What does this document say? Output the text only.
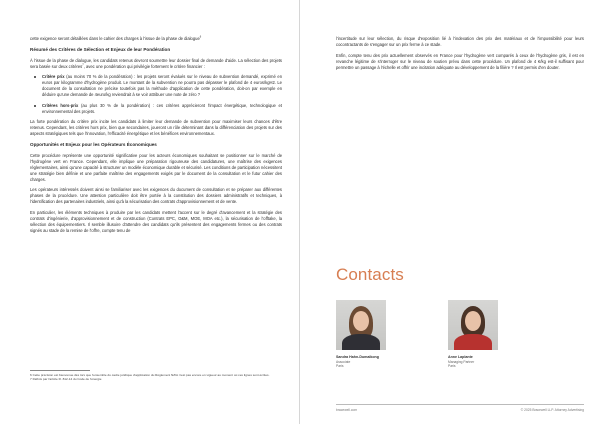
cette exigence seront détaillées dans le cahier des charges à l'issue de la phase de dialogue$^6$

Résumé des Critères de Sélection et Enjeux de leur Pondération

À l'issue de la phase de dialogue, les candidats retenus devront soumettre leur dossier final de demande d'aide. La sélection des projets sera basée sur deux critères$^7$, avec une pondération qui privilégie fortement le critère financier :

Critère prix (au moins 70 % de la pondération) : les projets seront évalués sur le niveau de subvention demandé, exprimé en euros par kilogramme d'hydrogène produit. Le montant de la subvention ne pourra pas dépasser le plafond de 4 euros/kgH2. Le document de la consultation ne précise toutefois pas la méthode d'application de cette pondération, doit-on par exemple en déduire qu'une demande de 4euro/kg reviendrait à se voir attribuer une note de zéro ?
Critères hors-prix (au plus 30 % de la pondération) : ces critères apprécieront l'impact énergétique, technologique et environnemental des projets.

La forte pondération du critère prix incite les candidats à limiter leur demande de subvention pour maximiser leurs chances d'être retenus. Cependant, les critères hors prix, bien que secondaires, joueront un rôle déterminant dans la différenciation des projets sur des aspects stratégiques tels que l'innovation, l'efficacité énergétique et les bénéfices environnementaux.

Opportunités et Enjeux pour les Opérateurs Économiques

Cette procédure représente une opportunité significative pour les acteurs économiques souhaitant se positionner sur le marché de l'hydrogène vert en France. Cependant, elle implique une préparation rigoureuse des candidatures, une maîtrise des exigences réglementaires, ainsi qu'une capacité à structurer un modèle économique durable et sécurisé. Les conditions de participation nécessitent une stratégie bien définie et une parfaite maîtrise des engagements exigés par le document de la consultation et le futur cahier des charges.

Les opérateurs intéressés doivent ainsi se familiariser avec les exigences du document de consultation et se préparer aux différentes phases de la procédure. Une attention particulière doit être portée à la constitution des dossiers administratifs et techniques, à l'identification des partenaires industriels, ainsi qu'à la sécurisation des contrats d'approvisionnement et de vente.

En particulier, les éléments techniques à produire par les candidats mettent l'accent sur le degré d'avancement et la stratégie des contrats d'ingénierie, d'approvisionnement et de construction (Contrats EPC, O&M, MOE, MOA etc.), la sécurisation de l'offtake, la sélection des équipementiers. Il semble illusoire d'attendre des candidats qu'ils présentent des engagements fermes ou des contrats signés au stade de la remise de l'offre, compte tenu de

6 Cette précision est bienvenue dès lors que l'ensemble du cadre juridique d'application du Règlement NZIA n'est pas encore en vigueur au moment où ces lignes sont écrites.
7 Définis par l'article R. 812-14 du Code de l'énergie

l'incertitude sur leur sélection, du risque d'exposition lié à l'indexation des prix des matériaux et de l'impossibilité pour leurs cocontractants de s'engager sur un prix ferme à ce stade.

Enfin, compte tenu des prix actuellement observés en France pour l'hydrogène vert comparés à ceux de l'hydrogène gris, il est en revanche légitime de s'interroger sur le niveau de soutien prévu dans cette procédure. Un plafond de 4 €/kg est-il suffisant pour permettre un passage à l'échelle et offrir une incitation adéquate au développement de la filière ? Il est permis d'en douter.

Contacts
Sandra Hahn-Dumaikong
Associate
Paris
Anne Laplante
Managing Partner
Paris
bracewell.com	© 2025 Bracewell LLP. Attorney Advertising
